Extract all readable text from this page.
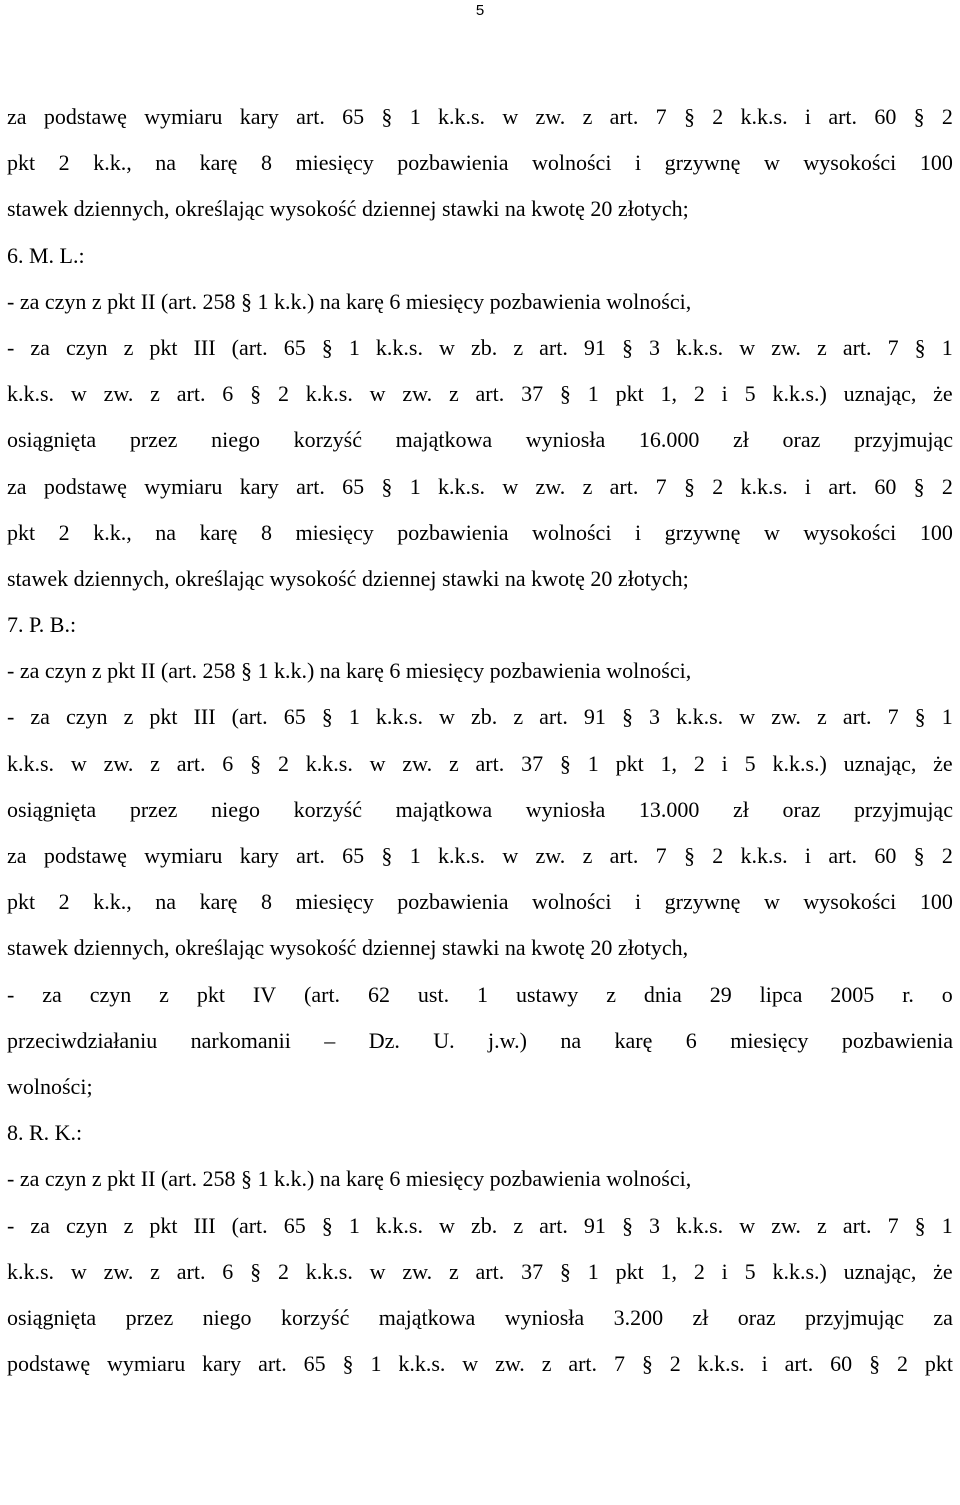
5
za podstawę wymiaru kary art. 65 § 1 k.k.s. w zw. z art. 7 § 2 k.k.s. i art. 60 § 2
pkt 2 k.k., na karę 8 miesięcy pozbawienia wolności i grzywnę w wysokości 100
stawek dziennych, określając wysokość dziennej stawki na kwotę 20 złotych;
6. M. L.:
- za czyn z pkt II (art. 258 § 1 k.k.) na karę 6 miesięcy pozbawienia wolności,
- za czyn z pkt III (art. 65 § 1 k.k.s. w zb. z art. 91 § 3 k.k.s. w zw. z art. 7 § 1
k.k.s. w zw. z art. 6 § 2 k.k.s. w zw. z art. 37 § 1 pkt 1, 2 i 5 k.k.s.) uznając, że
osiągnięta przez niego korzyść majątkowa wyniosła 16.000 zł oraz przyjmując
za podstawę wymiaru kary art. 65 § 1 k.k.s. w zw. z art. 7 § 2 k.k.s. i art. 60 § 2
pkt 2 k.k., na karę 8 miesięcy pozbawienia wolności i grzywnę w wysokości 100
stawek dziennych, określając wysokość dziennej stawki na kwotę 20 złotych;
7. P. B.:
- za czyn z pkt II (art. 258 § 1 k.k.) na karę 6 miesięcy pozbawienia wolności,
- za czyn z pkt III (art. 65 § 1 k.k.s. w zb. z art. 91 § 3 k.k.s. w zw. z art. 7 § 1
k.k.s. w zw. z art. 6 § 2 k.k.s. w zw. z art. 37 § 1 pkt 1, 2 i 5 k.k.s.) uznając, że
osiągnięta przez niego korzyść majątkowa wyniosła 13.000 zł oraz przyjmując
za podstawę wymiaru kary art. 65 § 1 k.k.s. w zw. z art. 7 § 2 k.k.s. i art. 60 § 2
pkt 2 k.k., na karę 8 miesięcy pozbawienia wolności i grzywnę w wysokości 100
stawek dziennych, określając wysokość dziennej stawki na kwotę 20 złotych,
- za czyn z pkt IV (art. 62 ust. 1 ustawy z dnia 29 lipca 2005 r. o
przeciwdziałaniu narkomanii – Dz. U. j.w.) na karę 6 miesięcy pozbawienia
wolności;
8. R. K.:
- za czyn z pkt II (art. 258 § 1 k.k.) na karę 6 miesięcy pozbawienia wolności,
- za czyn z pkt III (art. 65 § 1 k.k.s. w zb. z art. 91 § 3 k.k.s. w zw. z art. 7 § 1
k.k.s. w zw. z art. 6 § 2 k.k.s. w zw. z art. 37 § 1 pkt 1, 2 i 5 k.k.s.) uznając, że
osiągnięta przez niego korzyść majątkowa wyniosła 3.200 zł oraz przyjmując za
podstawę wymiaru kary art. 65 § 1 k.k.s. w zw. z art. 7 § 2 k.k.s. i art. 60 § 2 pkt
